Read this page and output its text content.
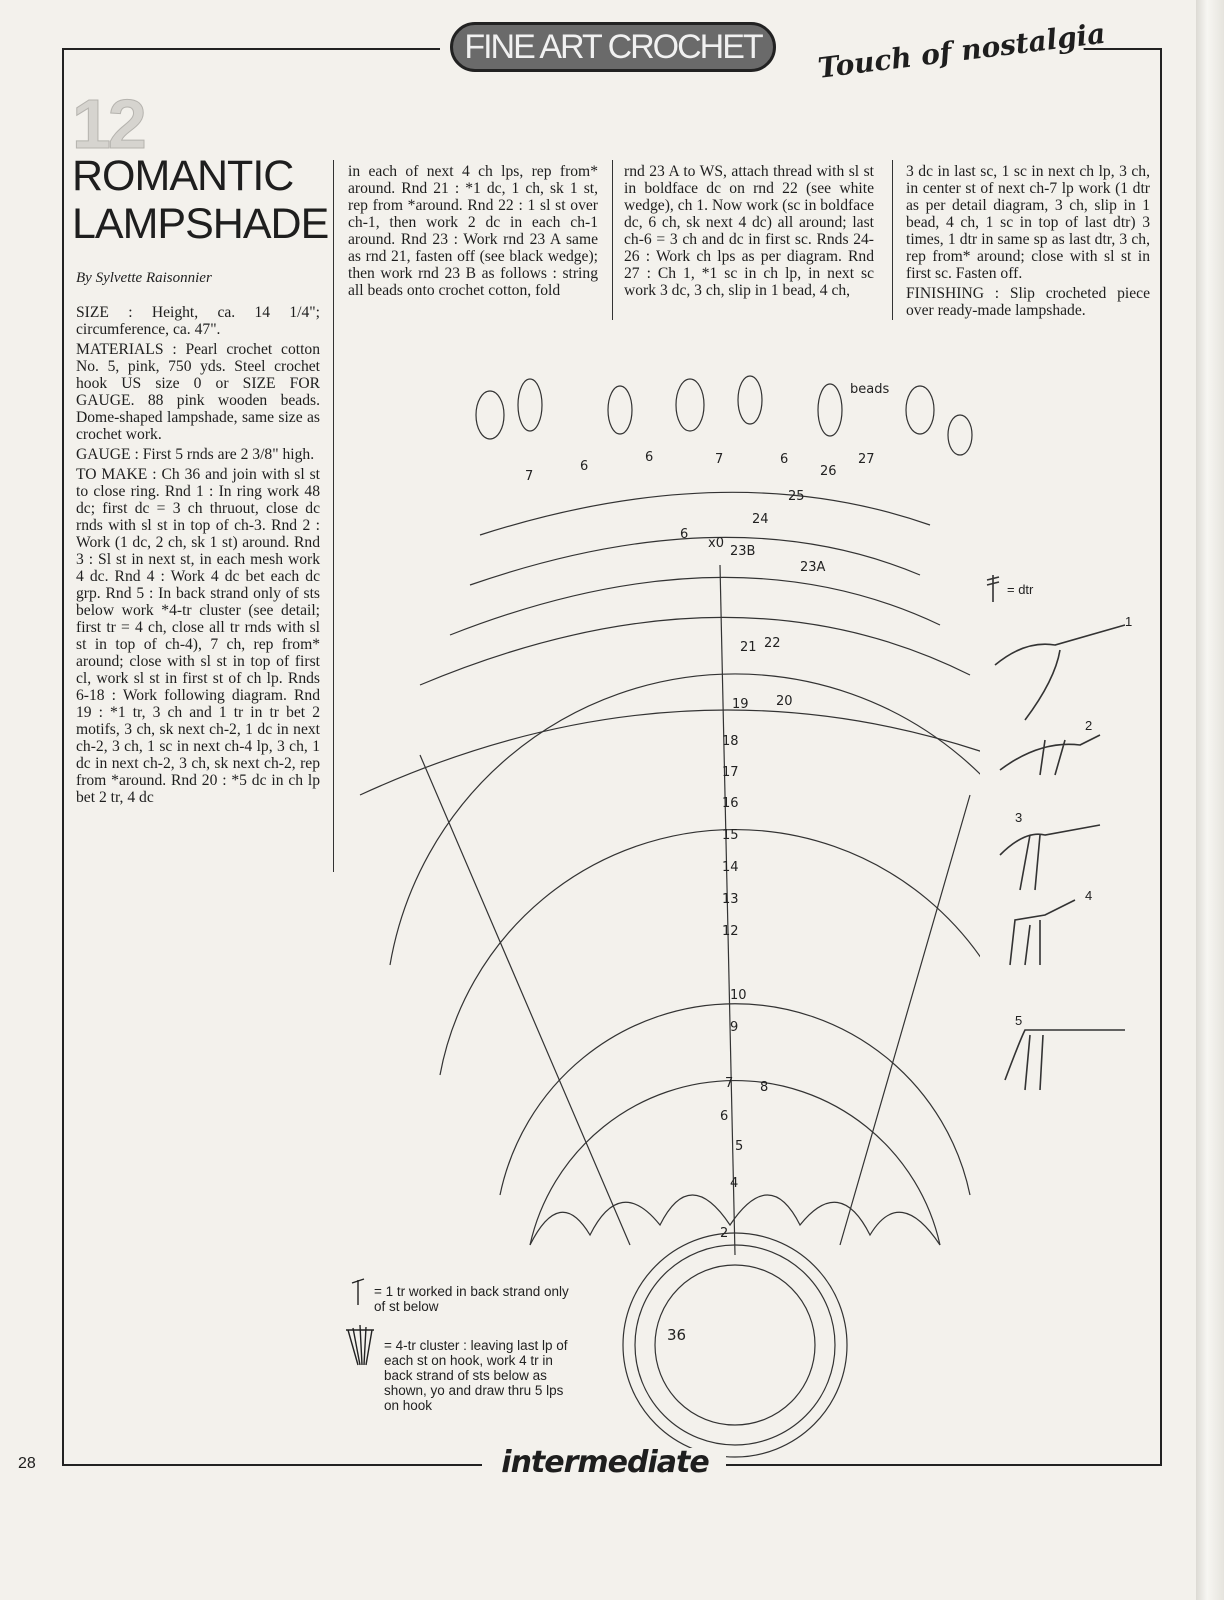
FINE ART CROCHET	Touch of nostalgia
12
ROMANTIC
LAMPSHADE
By Sylvette Raisonnier

SIZE : Height, ca. 14 1/4"; circumference, ca. 47".

MATERIALS : Pearl crochet cotton No. 5, pink, 750 yds. Steel crochet hook US size 0 or SIZE FOR GAUGE. 88 pink wooden beads. Dome-shaped lampshade, same size as crochet work.

GAUGE : First 5 rnds are 2 3/8" high.

TO MAKE : Ch 36 and join with sl st to close ring. Rnd 1 : In ring work 48 dc; first dc = 3 ch thruout, close dc rnds with sl st in top of ch-3. Rnd 2 : Work (1 dc, 2 ch, sk 1 st) around. Rnd 3 : Sl st in next st, in each mesh work 4 dc. Rnd 4 : Work 4 dc bet each dc grp. Rnd 5 : In back strand only of sts below work *4-tr cluster (see detail; first tr = 4 ch, close all tr rnds with sl st in top of ch-4), 7 ch, rep from* around; close with sl st in top of first cl, work sl st in first st of ch lp. Rnds 6-18 : Work following diagram. Rnd 19 : *1 tr, 3 ch and 1 tr in tr bet 2 motifs, 3 ch, sk next ch-2, 1 dc in next ch-2, 3 ch, 1 sc in next ch-4 lp, 3 ch, 1 dc in next ch-2, 3 ch, sk next ch-2, rep from *around. Rnd 20 : *5 dc in ch lp bet 2 tr, 4 dc

in each of next 4 ch lps, rep from* around. Rnd 21 : *1 dc, 1 ch, sk 1 st, rep from *around. Rnd 22 : 1 sl st over ch-1, then work 2 dc in each ch-1 around. Rnd 23 : Work rnd 23 A same as rnd 21, fasten off (see black wedge); then work rnd 23 B as follows : string all beads onto crochet cotton, fold

rnd 23 A to WS, attach thread with sl st in boldface dc on rnd 22 (see white wedge), ch 1. Now work (sc in boldface dc, 6 ch, sk next 4 dc) all around; last ch-6 = 3 ch and dc in first sc. Rnds 24-26 : Work ch lps as per diagram. Rnd 27 : Ch 1, *1 sc in ch lp, in next sc work 3 dc, 3 ch, slip in 1 bead, 4 ch,

3 dc in last sc, 1 sc in next ch lp, 3 ch, in center st of next ch-7 lp work (1 dtr as per detail diagram, 3 ch, slip in 1 bead, 4 ch, 1 sc in top of last dtr) 3 times, 1 dtr in same sp as last dtr, 3 ch, rep from* around; close with sl st in first sc. Fasten off.

FINISHING : Slip crocheted piece over ready-made lampshade.

beads
7
6
6	7	6
26
27
25
24
6
x0
23B
23A
21 22
19 20
18
17
16
15
14
13
12
10
9
7 8
6
5
4
2
36
= 1 tr worked in back strand only of st below
= 4-tr cluster : leaving last lp of each st on hook, work 4 tr in back strand of sts below as shown, yo and draw thru 5 lps on hook
= dtr
1
2
3
4
5
intermediate
28
